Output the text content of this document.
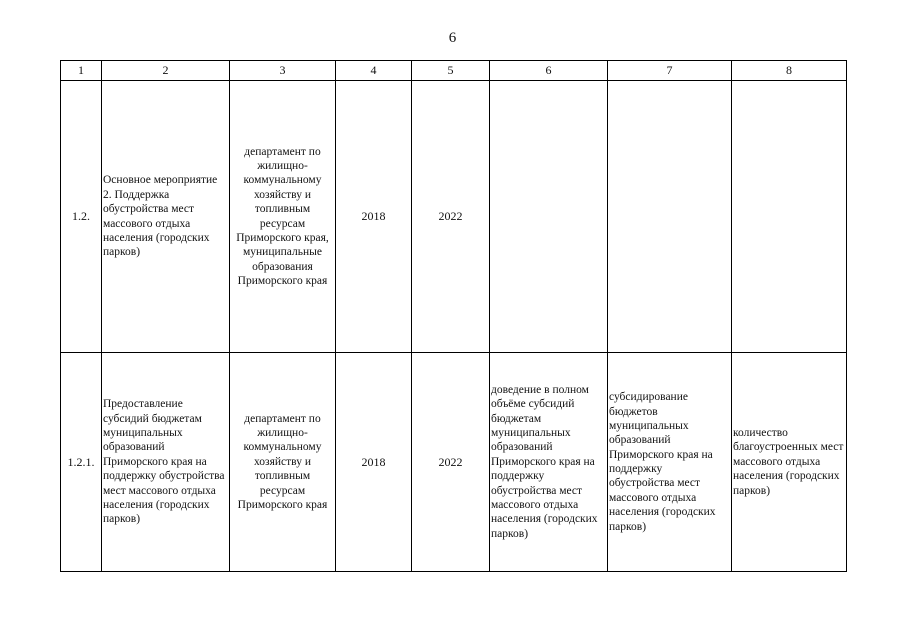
6
1	2	3	4	5	6	7	8
1.2.	Основное мероприятие 2. Поддержка обустройства мест массового отдыха населения (городских парков)	департамент по жилищно-коммунальному хозяйству и топливным ресурсам Приморского края, муниципальные образования Приморского края	2018	2022			
1.2.1.	Предоставление субсидий бюджетам муниципальных образований Приморского края на поддержку обустройства мест массового отдыха населения (городских парков)	департамент по жилищно-коммунальному хозяйству и топливным ресурсам Приморского края	2018	2022	доведение в полном объёме субсидий бюджетам муниципальных образований Приморского края на поддержку обустройства мест массового отдыха населения (городских парков)	субсидирование бюджетов муниципальных образований Приморского края на поддержку обустройства мест массового отдыха населения (городских парков)	количество благоустроенных мест массового отдыха населения (городских парков)
